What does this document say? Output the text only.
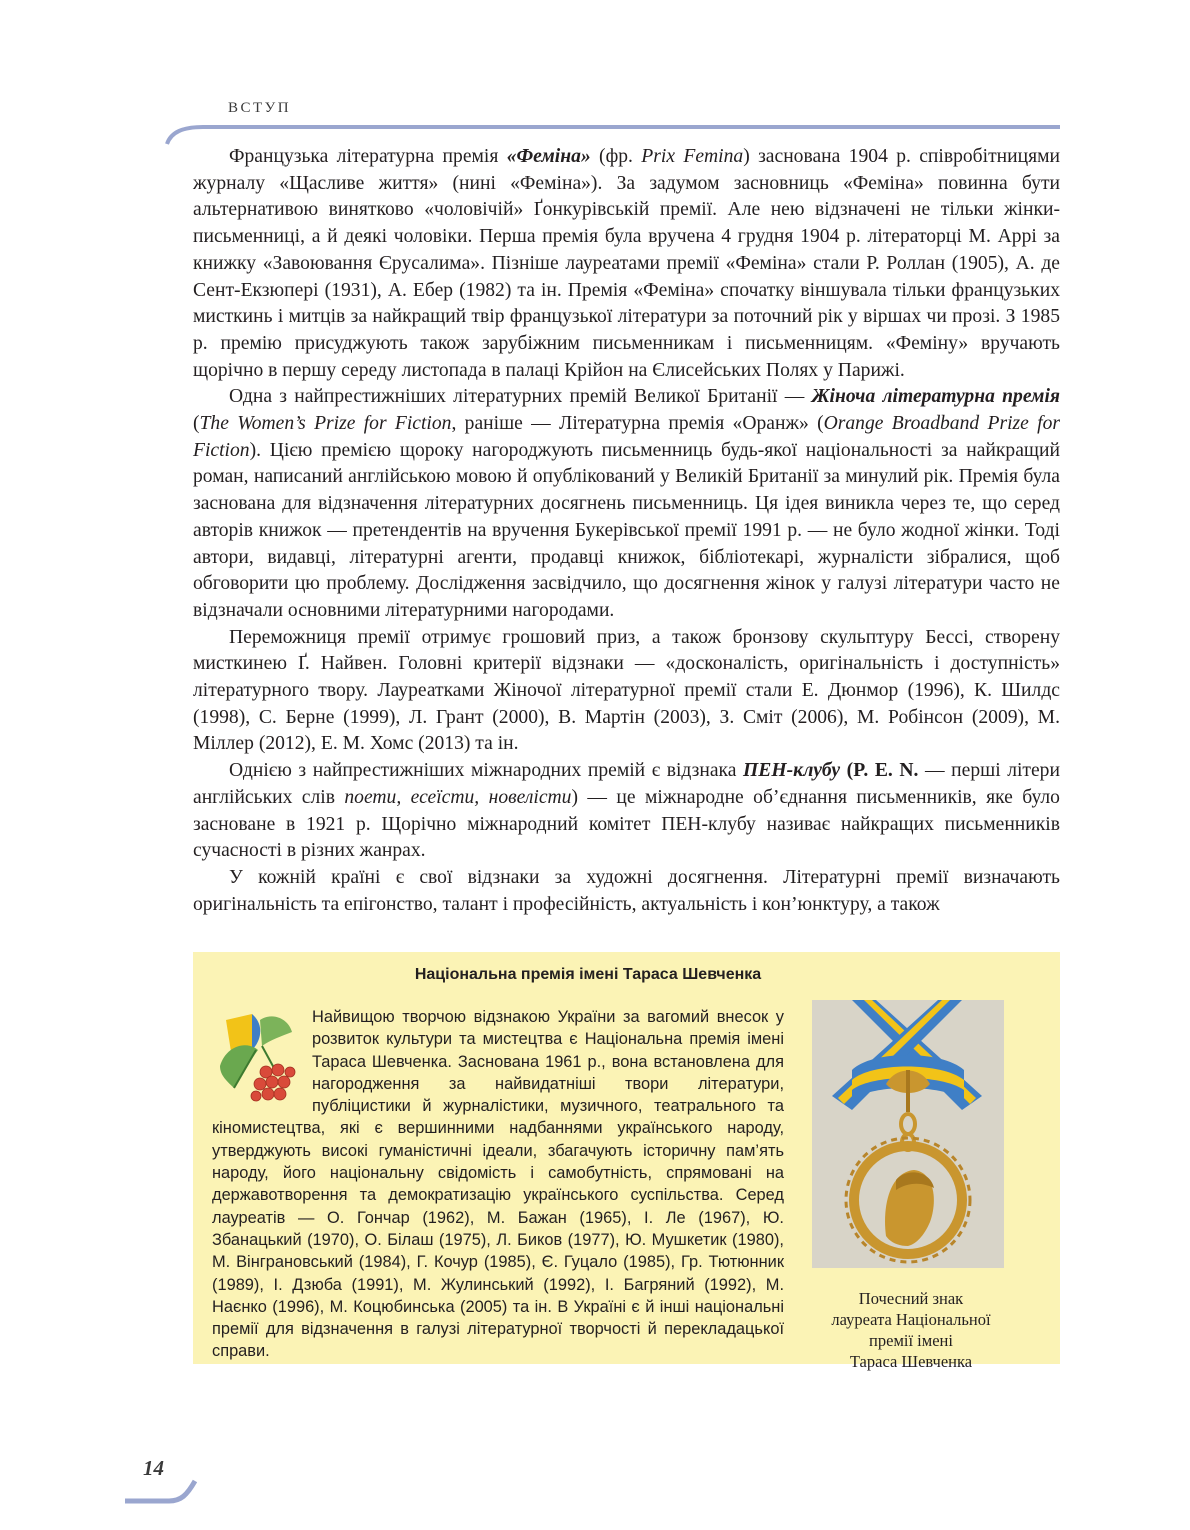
ВСТУП

Французька літературна премія «Феміна» (фр. Prix Femina) заснована 1904 р. співробітницями журналу «Щасливе життя» (нині «Феміна»). За задумом засновниць «Феміна» повинна бути альтернативою винятково «чоловічій» Ґонкурівській премії. Але нею відзначені не тільки жінки-письменниці, а й деякі чоловіки. Перша премія була вручена 4 грудня 1904 р. літераторці М. Аррі за книжку «Завоювання Єрусалима». Пізніше лауреатами премії «Феміна» стали Р. Роллан (1905), А. де Сент-Екзюпері (1931), А. Ебер (1982) та ін. Премія «Феміна» спочатку віншувала тільки французьких мисткинь і митців за найкращий твір французької літератури за поточний рік у віршах чи прозі. З 1985 р. премію присуджують також зарубіжним письменникам і письменницям. «Феміну» вручають щорічно в першу середу листопада в палаці Крійон на Єлисейських Полях у Парижі.

Одна з найпрестижніших літературних премій Великої Британії — Жіноча літературна премія (The Women’s Prize for Fiction, раніше — Літературна премія «Оранж» (Orange Broadband Prize for Fiction). Цією премією щороку нагороджують письменниць будь-якої національності за найкращий роман, написаний англійською мовою й опублікований у Великій Британії за минулий рік. Премія була заснована для відзначення літературних досягнень письменниць. Ця ідея виникла через те, що серед авторів книжок — претендентів на вручення Букерівської премії 1991 р. — не було жодної жінки. Тоді автори, видавці, літературні агенти, продавці книжок, бібліотекарі, журналісти зібралися, щоб обговорити цю проблему. Дослідження засвідчило, що досягнення жінок у галузі літератури часто не відзначали основними літературними нагородами.

Переможниця премії отримує грошовий приз, а також бронзову скульптуру Бессі, створену мисткинею Ґ. Найвен. Головні критерії відзнаки — «досконалість, оригінальність і доступність» літературного твору. Лауреатками Жіночої літературної премії стали Е. Дюнмор (1996), К. Шилдс (1998), С. Берне (1999), Л. Грант (2000), В. Мартін (2003), З. Сміт (2006), М. Робінсон (2009), М. Міллер (2012), Е. М. Хомс (2013) та ін.

Однією з найпрестижніших міжнародних премій є відзнака ПЕН-клубу (P. E. N. — перші літери англійських слів поети, есеїсти, новелісти) — це міжнародне об’єднання письменників, яке було засноване в 1921 р. Щорічно міжнародний комітет ПЕН-клубу називає найкращих письменників сучасності в різних жанрах.

У кожній країні є свої відзнаки за художні досягнення. Літературні премії визначають оригінальність та епігонство, талант і професійність, актуальність і кон’юнктуру, а також

Національна премія імені Тараса Шевченка
Найвищою творчою відзнакою України за вагомий внесок у розвиток культури та мистецтва є Національна премія імені Тараса Шевченка. Заснована 1961 р., вона встановлена для нагородження за найвидатніші твори літератури, публіцистики й журналістики, музичного, театрального та кіномистецтва, які є вершинними надбаннями українського народу, утверджують високі гуманістичні ідеали, збагачують історичну пам’ять народу, його національну свідомість і самобутність, спрямовані на державотворення та демократизацію українського суспільства. Серед лауреатів — О. Гончар (1962), М. Бажан (1965), І. Ле (1967), Ю. Збанацький (1970), О. Білаш (1975), Л. Биков (1977), Ю. Мушкетик (1980), М. Вінграновський (1984), Г. Кочур (1985), Є. Гуцало (1985), Гр. Тютюнник (1989), І. Дзюба (1991), М. Жулинський (1992), І. Багряний (1992), М. Наєнко (1996), М. Коцюбинська (2005) та ін. В Україні є й інші національні премії для відзначення в галузі літературної творчості й перекладацької справи.
Почесний знак
лауреата Національної
премії імені
Тараса Шевченка
14
